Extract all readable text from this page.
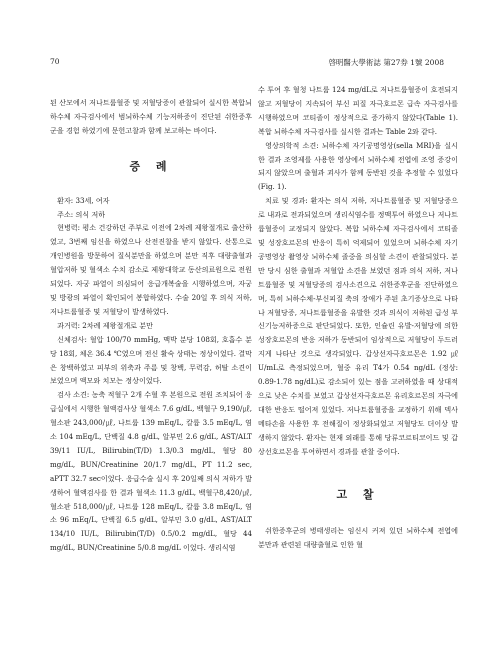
70	啓明醫大學術誌 第27券 1號 2008

된 산모에서 저나트륨혈증 및 저혈당증이 관찰되어 실시한 복합뇌하수체 자극검사에서 범뇌하수체 기능저하증이 진단된 쉬한증후군을 경험 하였기에 문헌고찰과 함께 보고하는 바이다.

증 례

환자: 33세, 여자

주소: 의식 저하

현병력: 평소 건강하던 주부로 이전에 2차례 제왕절개로 출산하였고, 3번째 임신을 하였으나 산전진찰을 받지 않았다. 산통으로 개인병원을 방문하여 질식분만을 하였으며 분만 직후 대량출혈과 혈압저하 및 혈색소 수치 감소로 제왕대학교 동산의료원으로 전원되었다. 자궁 파열이 의심되어 응급개복술을 시행하였으며, 자궁 및 방광의 파열이 확인되어 봉합하였다. 수술 20일 후 의식 저하, 저나트륨혈증 및 저혈당이 발생하였다.

과거력: 2차례 제왕절개로 분만

신체검사: 혈압 100/70 mmHg, 맥박 분당 108회, 호흡수 분당 18회, 체온 36.4 ℃였으며 전신 활숙 상태는 정상이었다. 결막은 창백하였고 피부의 위축과 주름 및 창백, 무력감, 허탈 소견이 보였으며 액모와 치모는 정상이었다.

검사 소견: 농축 적혈구 2개 수혈 후 본원으로 전원 조치되어 응급실에서 시행한 혈액검사상 혈색소 7.6 g/dL, 백혈구 9,190/㎕, 혈소판 243,000/㎕, 나트륨 139 mEq/L, 칼륨 3.5 mEq/L, 염소 104 mEq/L, 단백질 4.8 g/dL, 알부민 2.6 g/dL, AST/ALT 39/11 IU/L, Bilirubin(T/D) 1.3/0.3 mg/dL, 혈당 80 mg/dL, BUN/Creatinine 20/1.7 mg/dL, PT 11.2 sec, aPTT 32.7 sec이었다. 응급수술 실시 후 20일째 의식 저하가 발생하여 혈액검사를 한 결과 혈색소 11.3 g/dL, 백혈구8,420/㎕, 혈소판 518,000/㎕, 나트륨 128 mEq/L, 칼륨 3.8 mEq/L, 염소 96 mEq/L, 단백질 6.5 g/dL, 알부민 3.0 g/dL, AST/ALT 134/10 IU/L, Bilirubin(T/D) 0.5/0.2 mg/dL, 혈당 44 mg/dL, BUN/Creatinine 5/0.8 mg/dL 이었다. 생리식염

수 투여 후 혈청 나트륨 124 mg/dL로 저나트륨혈증이 호전되지 않고 저혈당이 지속되어 부신 피질 자극호르몬 급속 자극검사를 시행하였으며 코티졸이 정상적으로 증가하지 않았다(Table 1). 복합 뇌하수체 자극검사를 실시한 결과는 Table 2와 같다.

영상의학적 소견: 뇌하수체 자기공명영상(sella MRI)을 실시한 결과 조영제를 사용한 영상에서 뇌하수체 전엽에 조영 증강이 되지 않았으며 출혈과 괴사가 함께 동반된 것을 추정할 수 있었다(Fig. 1).

치료 및 경과: 환자는 의식 저하, 저나트륨혈증 및 저혈당증으로 내과로 전과되었으며 생리식염수를 정맥투여 하였으나 저나트륨혈증이 교정되지 않았다. 복합 뇌하수체 자극검사에서 코티졸 및 성장호르몬의 반응이 특히 억제되어 있었으며 뇌하수체 자기공명영상 촬영상 뇌하수체 졸중을 의심할 소견이 관찰되었다. 분만 당시 심한 출혈과 저혈압 소견을 보였던 점과 의식 저하, 저나트륨혈증 및 저혈당증의 검사소견으로 쉬한증후군을 진단하였으며, 특히 뇌하수체-부신피질 축의 장애가 주된 초기증상으로 나타나 저혈당증, 저나트륨혈증을 유발한 것과 의식이 저하된 급성 부신기능저하증으로 판단되었다. 또한, 인슐린 유발-저혈당에 의한 성장호르몬의 반응 저하가 동반되어 임상적으로 저혈당이 두드러지게 나타난 것으로 생각되었다. 갑상선자극호르몬은 1.92 ㎕U/mL로 측정되었으며, 혈중 유리 T4가 0.54 ng/dL (정상: 0.89-1.78 ng/dL)로 감소되어 있는 점을 고려하였을 때 상대적으로 낮은 수치를 보였고 갑상선자극호르몬 유리호르몬의 자극에 대한 반응도 떨어져 있었다. 저나트륨혈증을 교정하기 위해 덱사메타손을 사용한 후 전해질이 정상화되었고 저혈당도 더이상 발생하지 않았다. 환자는 현재 외래를 통해 당류코르티코이드 및 갑상선호르몬을 투여하면서 경과를 관찰 중이다.

고 찰

쉬한증후군의 병태생리는 임신시 커져 있던 뇌하수체 전엽에 분만과 관련된 대량출혈로 인한 혈
